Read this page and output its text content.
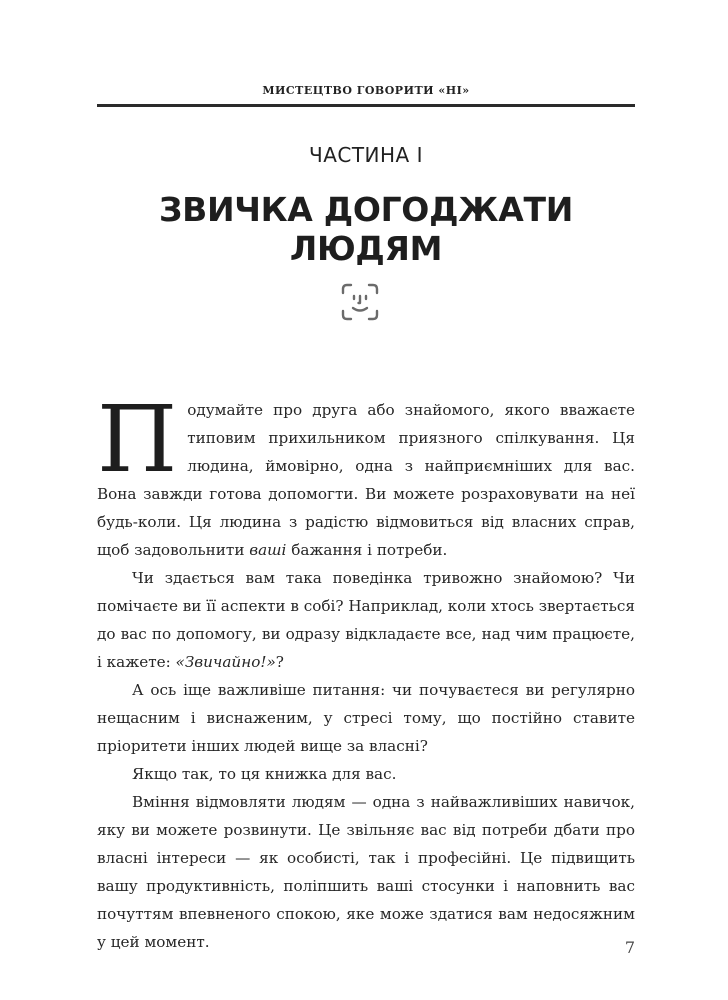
МИСТЕЦТВО ГОВОРИТИ «НІ»
ЧАСТИНА І
ЗВИЧКА ДОГОДЖАТИ ЛЮДЯМ

Подумайте про друга або знайомого, якого вважаєте типовим прихильником приязного спілкування. Ця людина, ймовірно, одна з найприємніших для вас. Вона завжди готова допомогти. Ви можете розраховувати на неї будь-коли. Ця людина з радістю відмовиться від власних справ, щоб задовольнити ваші бажання і потреби.

Чи здається вам така поведінка тривожно знайомою? Чи помічаєте ви її аспекти в собі? Наприклад, коли хтось звертається до вас по допомогу, ви одразу відкладаєте все, над чим працюєте, і кажете: «Звичайно!»?

А ось іще важливіше питання: чи почуваєтеся ви регулярно нещасним і виснаженим, у стресі тому, що постійно ставите пріоритети інших людей вище за власні?

Якщо так, то ця книжка для вас.

Вміння відмовляти людям — одна з найважливіших навичок, яку ви можете розвинути. Це звільняє вас від потреби дбати про власні інтереси — як особисті, так і професійні. Це підвищить вашу продуктивність, поліпшить ваші стосунки і наповнить вас почуттям впевненого спокою, яке може здатися вам недосяжним у цей момент.	7
